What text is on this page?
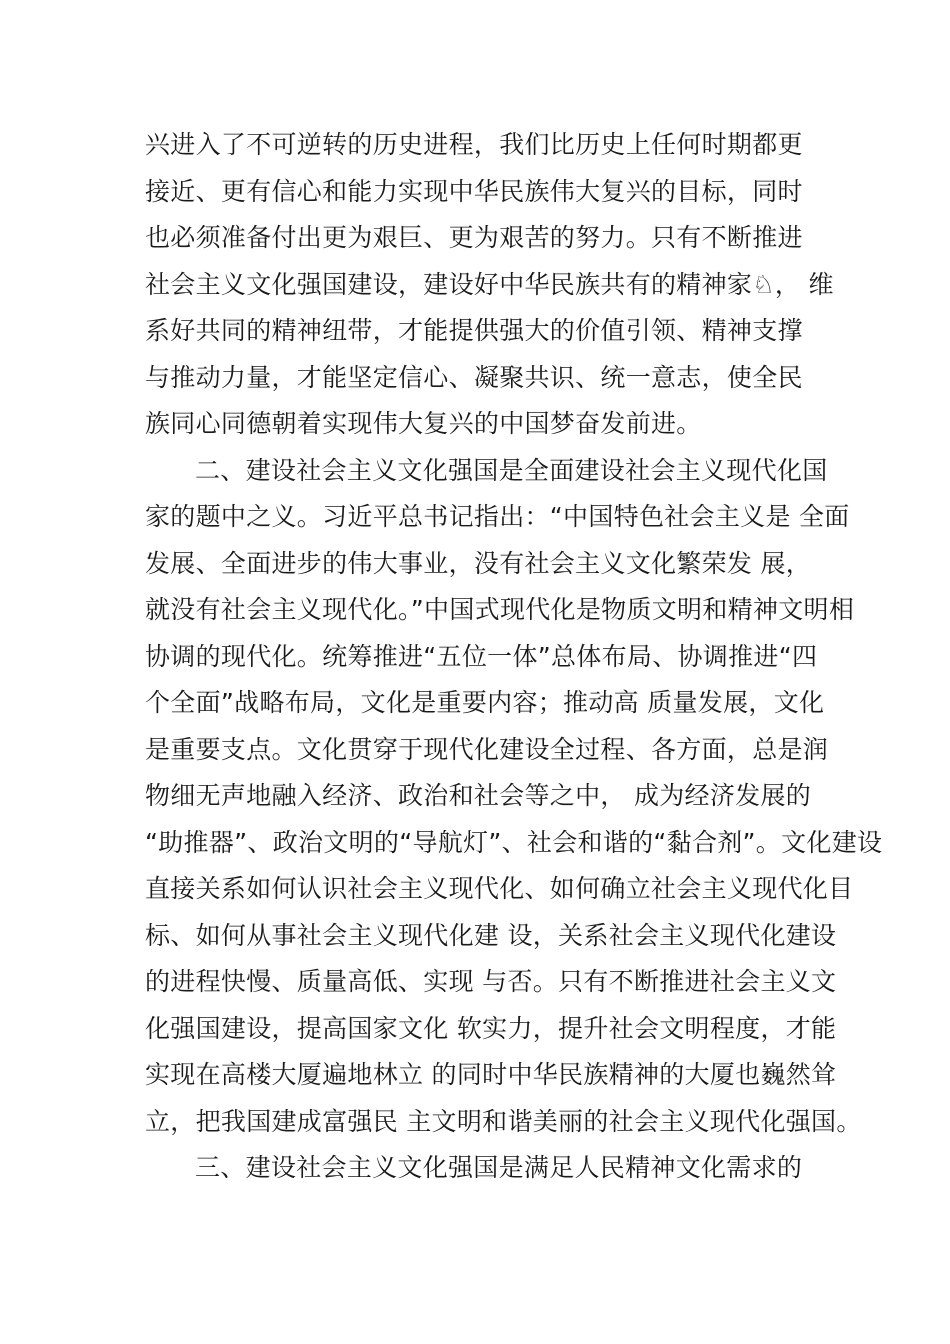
兴进入了不可逆转的历史进程，我们比历史上任何时期都更
接近、更有信心和能力实现中华民族伟大复兴的目标，同时
也必须准备付出更为艰巨、更为艰苦的努力。只有不断推进
社会主义文化强国建设，建设好中华民族共有的精神家♘， 维
系好共同的精神纽带，才能提供强大的价值引领、精神支撑
与推动力量，才能坚定信心、凝聚共识、统一意志，使全民
族同心同德朝着实现伟大复兴的中国梦奋发前进。
二、建设社会主义文化强国是全面建设社会主义现代化国
家的题中之义。习近平总书记指出：“中国特色社会主义是 全面
发展、全面进步的伟大事业，没有社会主义文化繁荣发 展，
就没有社会主义现代化。”中国式现代化是物质文明和精神文明相
协调的现代化。统筹推进“五位一体”总体布局、协调推进“四
个全面”战略布局，文化是重要内容；推动高 质量发展，文化
是重要支点。文化贯穿于现代化建设全过程、各方面，总是润
物细无声地融入经济、政治和社会等之中， 成为经济发展的
“助推器”、政治文明的“导航灯”、社会和谐的“黏合剂”。文化建设
直接关系如何认识社会主义现代化、如何确立社会主义现代化目
标、如何从事社会主义现代化建 设，关系社会主义现代化建设
的进程快慢、质量高低、实现 与否。只有不断推进社会主义文
化强国建设，提高国家文化 软实力，提升社会文明程度，才能
实现在高楼大厦遍地林立 的同时中华民族精神的大厦也巍然耸
立，把我国建成富强民 主文明和谐美丽的社会主义现代化强国。
三、建设社会主义文化强国是满足人民精神文化需求的
